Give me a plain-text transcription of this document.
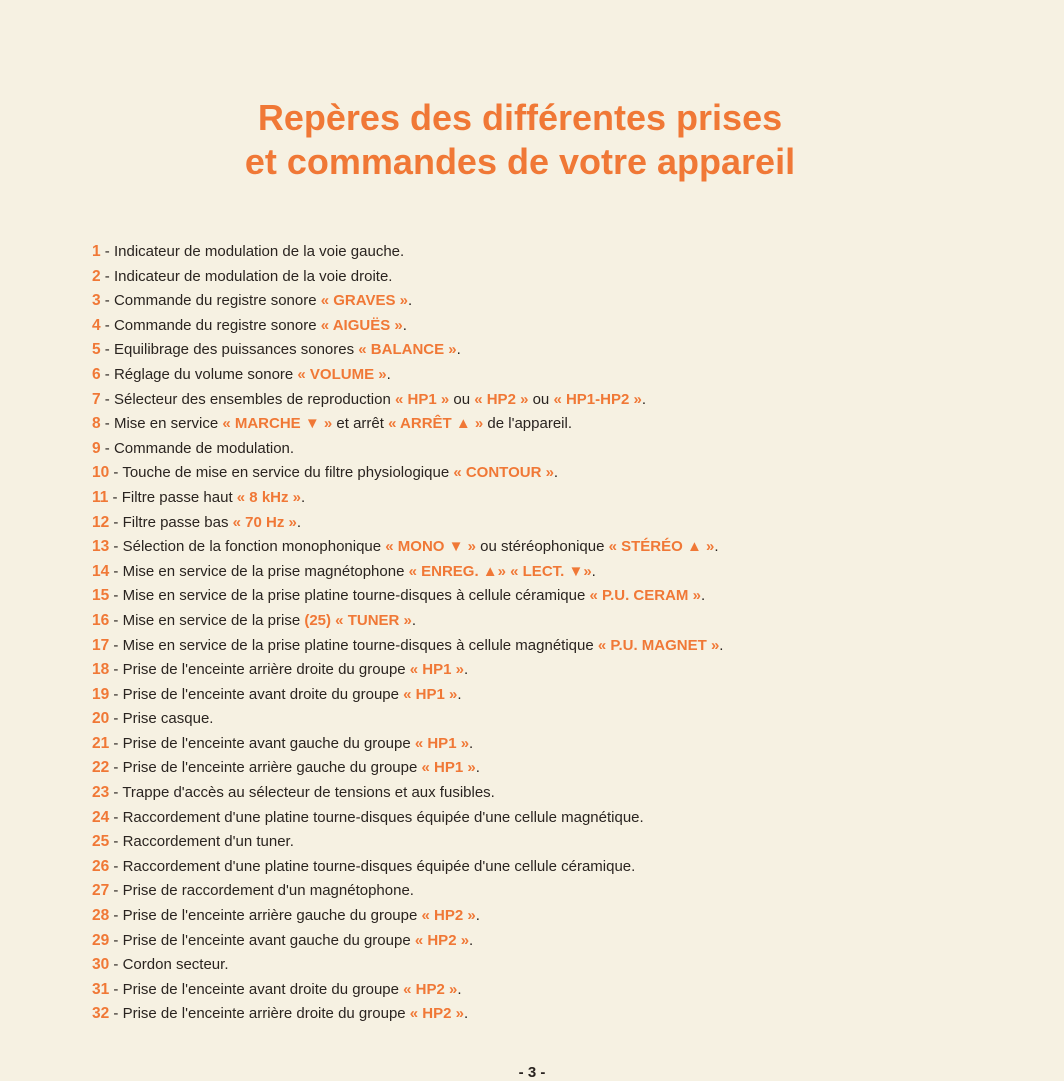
Repères des différentes prises
et commandes de votre appareil
1 - Indicateur de modulation de la voie gauche.
2 - Indicateur de modulation de la voie droite.
3 - Commande du registre sonore « GRAVES ».
4 - Commande du registre sonore « AIGUËS ».
5 - Equilibrage des puissances sonores « BALANCE ».
6 - Réglage du volume sonore « VOLUME ».
7 - Sélecteur des ensembles de reproduction « HP1 » ou « HP2 » ou « HP1-HP2 ».
8 - Mise en service « MARCHE ▼ » et arrêt « ARRÊT ▲ » de l'appareil.
9 - Commande de modulation.
10 - Touche de mise en service du filtre physiologique « CONTOUR ».
11 - Filtre passe haut « 8 kHz ».
12 - Filtre passe bas « 70 Hz ».
13 - Sélection de la fonction monophonique « MONO ▼ » ou stéréophonique « STÉRÉO ▲ ».
14 - Mise en service de la prise magnétophone « ENREG. ▲» « LECT. ▼».
15 - Mise en service de la prise platine tourne-disques à cellule céramique « P.U. CERAM ».
16 - Mise en service de la prise (25) « TUNER ».
17 - Mise en service de la prise platine tourne-disques à cellule magnétique « P.U. MAGNET ».
18 - Prise de l'enceinte arrière droite du groupe « HP1 ».
19 - Prise de l'enceinte avant droite du groupe « HP1 ».
20 - Prise casque.
21 - Prise de l'enceinte avant gauche du groupe « HP1 ».
22 - Prise de l'enceinte arrière gauche du groupe « HP1 ».
23 - Trappe d'accès au sélecteur de tensions et aux fusibles.
24 - Raccordement d'une platine tourne-disques équipée d'une cellule magnétique.
25 - Raccordement d'un tuner.
26 - Raccordement d'une platine tourne-disques équipée d'une cellule céramique.
27 - Prise de raccordement d'un magnétophone.
28 - Prise de l'enceinte arrière gauche du groupe « HP2 ».
29 - Prise de l'enceinte avant gauche du groupe « HP2 ».
30 - Cordon secteur.
31 - Prise de l'enceinte avant droite du groupe « HP2 ».
32 - Prise de l'enceinte arrière droite du groupe « HP2 ».
- 3 -
